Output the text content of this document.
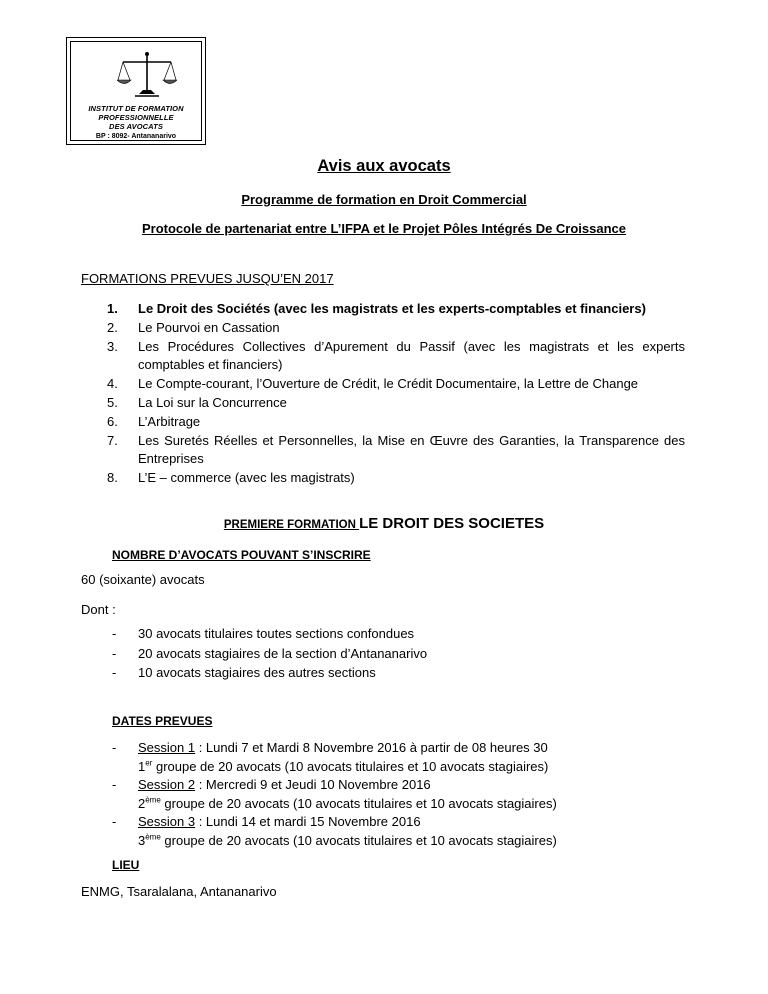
INSTITUT DE FORMATION
PROFESSIONNELLE
DES AVOCATS
BP : 8092- Antananarivo
Avis aux avocats
Programme de formation en Droit Commercial
Protocole de partenariat entre L’IFPA et le Projet Pôles Intégrés De Croissance
FORMATIONS PREVUES JUSQU’EN 2017
1. Le Droit des Sociétés (avec les magistrats et les experts-comptables et financiers)
2. Le Pourvoi en Cassation
3. Les Procédures Collectives d’Apurement du Passif (avec les magistrats et les experts comptables et financiers)
4. Le Compte-courant, l’Ouverture de Crédit, le Crédit Documentaire, la Lettre de Change
5. La Loi sur la Concurrence
6. L’Arbitrage
7. Les Suretés Réelles et Personnelles, la Mise en Œuvre des Garanties, la Transparence des Entreprises
8. L’E – commerce (avec les magistrats)
PREMIERE FORMATION LE DROIT DES SOCIETES
NOMBRE D’AVOCATS POUVANT S’INSCRIRE
60 (soixante) avocats
Dont :
- 30 avocats titulaires toutes sections confondues
- 20 avocats stagiaires de la section d’Antananarivo
- 10 avocats stagiaires des autres sections
DATES PREVUES
- Session 1 : Lundi 7 et Mardi 8 Novembre 2016 à partir de 08 heures 30
1er groupe de 20 avocats (10 avocats titulaires et 10 avocats stagiaires)
- Session 2 : Mercredi 9 et Jeudi 10 Novembre 2016
2ème groupe de 20 avocats (10 avocats titulaires et 10 avocats stagiaires)
- Session 3 : Lundi 14 et mardi 15 Novembre 2016
3ème groupe de 20 avocats (10 avocats titulaires et 10 avocats stagiaires)
LIEU
ENMG, Tsaralalana, Antananarivo
